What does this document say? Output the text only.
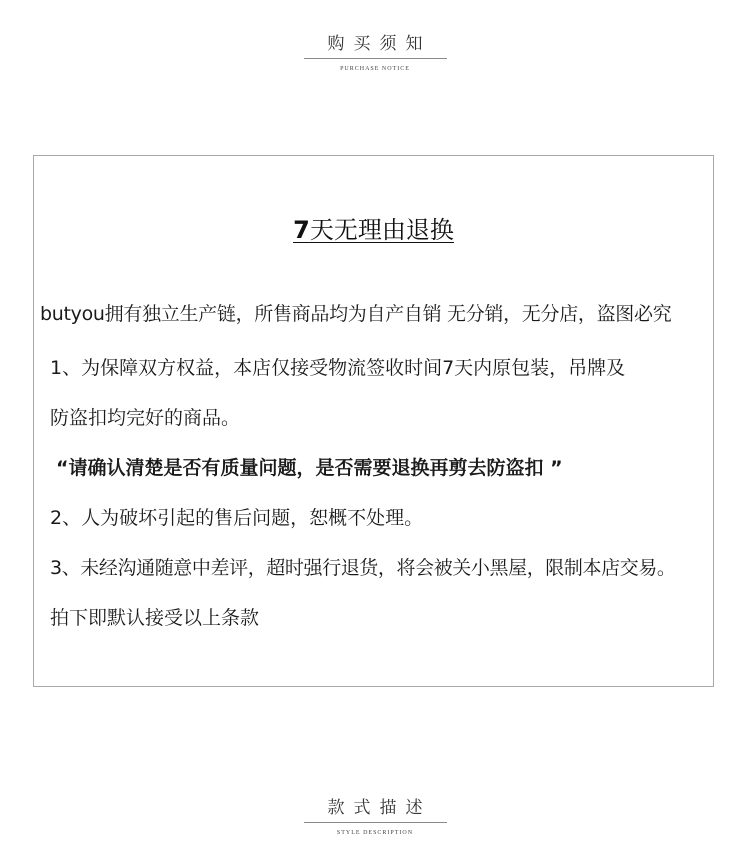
购买须知
PURCHASE NOTICE
7天无理由退换
butyou拥有独立生产链，所售商品均为自产自销 无分销，无分店，盗图必究
1、为保障双方权益，本店仅接受物流签收时间7天内原包装，吊牌及
防盗扣均完好的商品。
“请确认清楚是否有质量问题，是否需要退换再剪去防盗扣 ”
2、人为破坏引起的售后问题，恕概不处理。
3、未经沟通随意中差评，超时强行退货，将会被关小黑屋，限制本店交易。
拍下即默认接受以上条款
款式描述
STYLE DESCRIPTION
